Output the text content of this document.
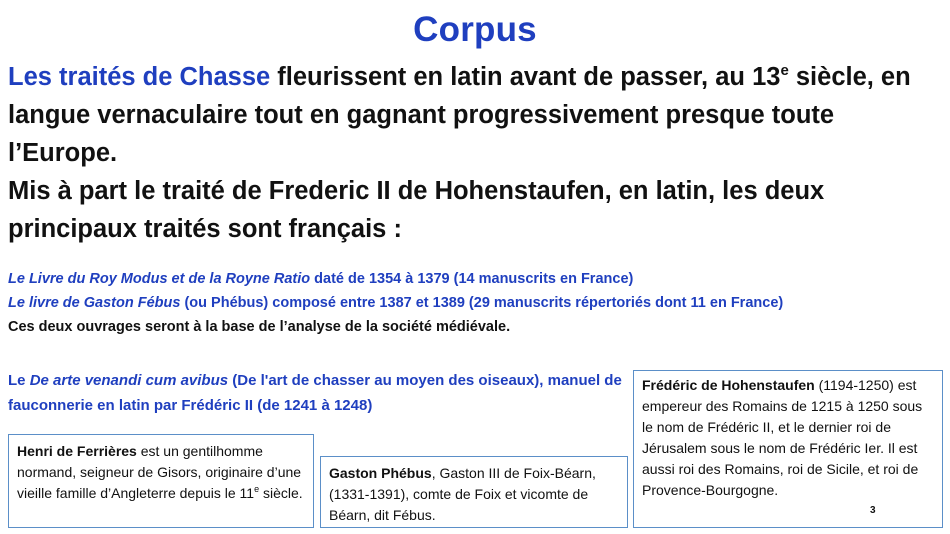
Corpus
Les traités de Chasse fleurissent en latin avant de passer, au 13e siècle, en langue vernaculaire tout en gagnant progressivement presque toute l’Europe.
Mis à part le traité de Frederic II de Hohenstaufen, en latin, les deux principaux traités sont français :
Le Livre du Roy Modus et de la Royne Ratio daté de 1354 à 1379 (14 manuscrits en France)
Le livre de Gaston Fébus (ou Phébus) composé entre 1387 et 1389 (29 manuscrits répertoriés dont 11 en France)
Ces deux ouvrages seront à la base de l’analyse de la société médiévale.
Le De arte venandi cum avibus (De l'art de chasser au moyen des oiseaux), manuel de fauconnerie en latin par Frédéric II (de 1241 à 1248)
Henri de Ferrières est un gentilhomme normand, seigneur de Gisors, originaire d’une vieille famille d’Angleterre depuis le 11e siècle.
Gaston Phébus, Gaston III de Foix-Béarn, (1331-1391), comte de Foix et vicomte de Béarn, dit Fébus.
Frédéric de Hohenstaufen (1194-1250) est empereur des Romains de 1215 à 1250 sous le nom de Frédéric II, et le dernier roi de Jérusalem sous le nom de Frédéric Ier. Il est aussi roi des Romains, roi de Sicile, et roi de Provence-Bourgogne.
3
